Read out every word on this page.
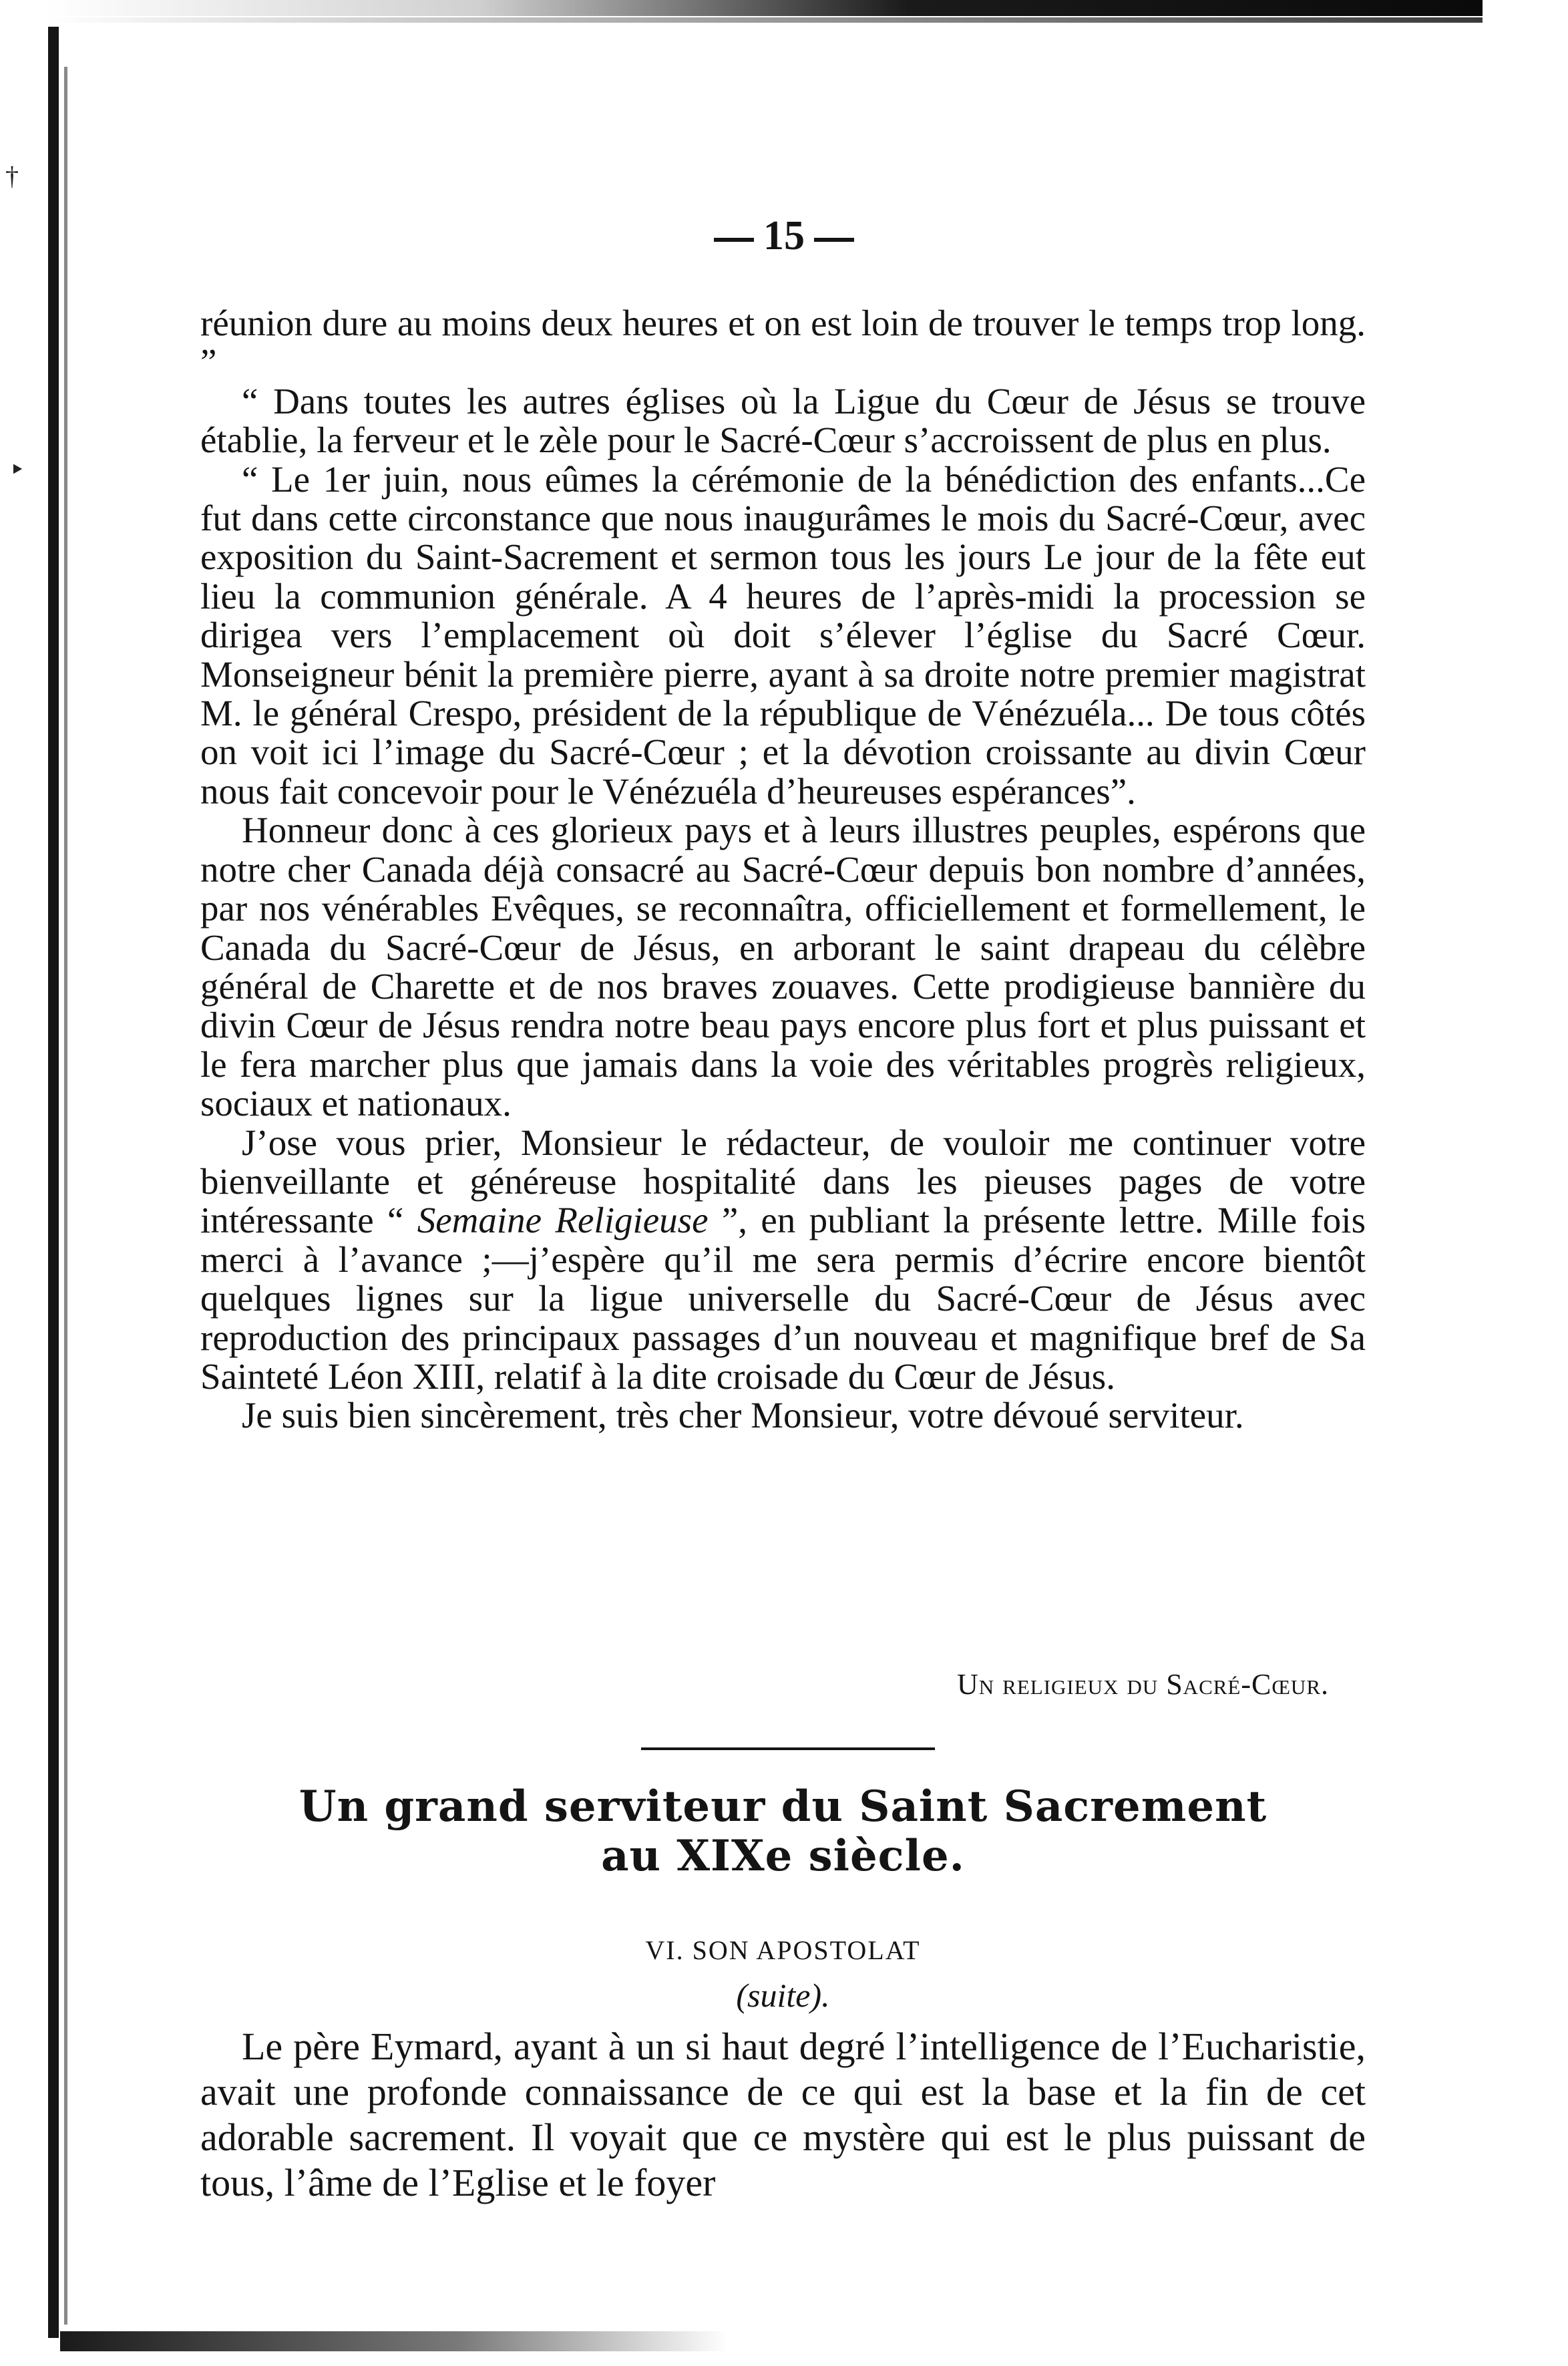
†
‣
15

réunion dure au moins deux heures et on est loin de trouver le temps trop long. ”

“ Dans toutes les autres églises où la Ligue du Cœur de Jésus se trouve établie, la ferveur et le zèle pour le Sacré-Cœur s’accroissent de plus en plus.

“ Le 1er juin, nous eûmes la cérémonie de la bénédiction des enfants...Ce fut dans cette circonstance que nous inaugurâmes le mois du Sacré-Cœur, avec exposition du Saint-Sacrement et sermon tous les jours Le jour de la fête eut lieu la communion générale. A 4 heures de l’après-midi la procession se dirigea vers l’emplacement où doit s’élever l’église du Sacré Cœur. Monseigneur bénit la première pierre, ayant à sa droite notre premier magistrat M. le général Crespo, président de la république de Vénézuéla... De tous côtés on voit ici l’image du Sacré-Cœur ; et la dévotion croissante au divin Cœur nous fait concevoir pour le Vénézuéla d’heureuses espérances”.

Honneur donc à ces glorieux pays et à leurs illustres peuples, espérons que notre cher Canada déjà consacré au Sacré-Cœur depuis bon nombre d’années, par nos vénérables Evêques, se reconnaîtra, officiellement et formellement, le Canada du Sacré-Cœur de Jésus, en arborant le saint drapeau du célèbre général de Charette et de nos braves zouaves. Cette prodigieuse bannière du divin Cœur de Jésus rendra notre beau pays encore plus fort et plus puissant et le fera marcher plus que jamais dans la voie des véritables progrès religieux, sociaux et nationaux.

J’ose vous prier, Monsieur le rédacteur, de vouloir me continuer votre bienveillante et généreuse hospitalité dans les pieuses pages de votre intéressante “ Semaine Religieuse ”, en publiant la présente lettre. Mille fois merci à l’avance ;—j’espère qu’il me sera permis d’écrire encore bientôt quelques lignes sur la ligue universelle du Sacré-Cœur de Jésus avec reproduction des principaux passages d’un nouveau et magnifique bref de Sa Sainteté Léon XIII, relatif à la dite croisade du Cœur de Jésus.

Je suis bien sincèrement, très cher Monsieur, votre dévoué serviteur.

Un religieux du Sacré-Cœur.
Un grand serviteur du Saint Sacrement
au XIXe siècle.
VI. SON APOSTOLAT
(suite).

Le père Eymard, ayant à un si haut degré l’intelligence de l’Eucharistie, avait une profonde connaissance de ce qui est la base et la fin de cet adorable sacrement. Il voyait que ce mystère qui est le plus puissant de tous, l’âme de l’Eglise et le foyer
